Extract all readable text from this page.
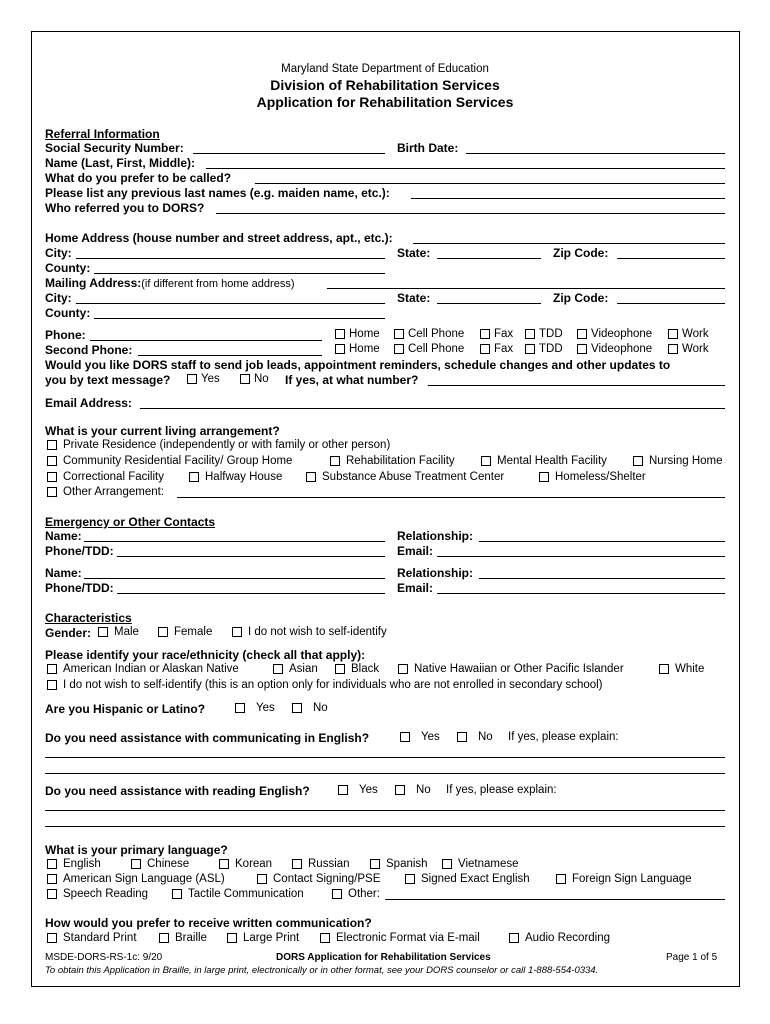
Maryland State Department of Education
Division of Rehabilitation Services
Application for Rehabilitation Services
Referral Information
Social Security Number:	Birth Date:
Name (Last, First, Middle):
What do you prefer to be called?
Please list any previous last names (e.g. maiden name, etc.):
Who referred you to DORS?
Home Address (house number and street address, apt., etc.):
City:	State:	Zip Code:
County:
Mailing Address:(if different from home address)
City:	State:	Zip Code:
County:
Phone:	Home Cell Phone	Fax TDD Videophone	Work
Second Phone:	Home Cell Phone	Fax TDD Videophone	Work
Would you like DORS staff to send job leads, appointment reminders, schedule changes and other updates to
you by text message?	Yes	No If yes, at what number?
Email Address:
What is your current living arrangement?
Private Residence (independently or with family or other person)
Community Residential Facility/ Group Home	Rehabilitation Facility	Mental Health Facility	Nursing Home
Correctional Facility	Halfway House	Substance Abuse Treatment Center	Homeless/Shelter
Other Arrangement:
Emergency or Other Contacts
Name:	Relationship:
Phone/TDD:	Email:
Name:	Relationship:
Phone/TDD:	Email:
Characteristics
Gender: Male	Female	I do not wish to self-identify
Please identify your race/ethnicity (check all that apply):
American Indian or Alaskan Native	Asian	Black	Native Hawaiian or Other Pacific Islander	White
I do not wish to self-identify (this is an option only for individuals who are not enrolled in secondary school)
Are you Hispanic or Latino?	Yes	No
Do you need assistance with communicating in English?	Yes	No If yes, please explain:
Do you need assistance with reading English?	Yes	No If yes, please explain:
What is your primary language?
English	Chinese	Korean	Russian	Spanish	Vietnamese
American Sign Language (ASL)	Contact Signing/PSE	Signed Exact English	Foreign Sign Language
Speech Reading	Tactile Communication	Other:
How would you prefer to receive written communication?
Standard Print	Braille	Large Print	Electronic Format via E-mail	Audio Recording
MSDE-DORS-RS-1c: 9/20	DORS Application for Rehabilitation Services	Page 1 of 5
To obtain this Application in Braille, in large print, electronically or in other format, see your DORS counselor or call 1-888-554-0334.
